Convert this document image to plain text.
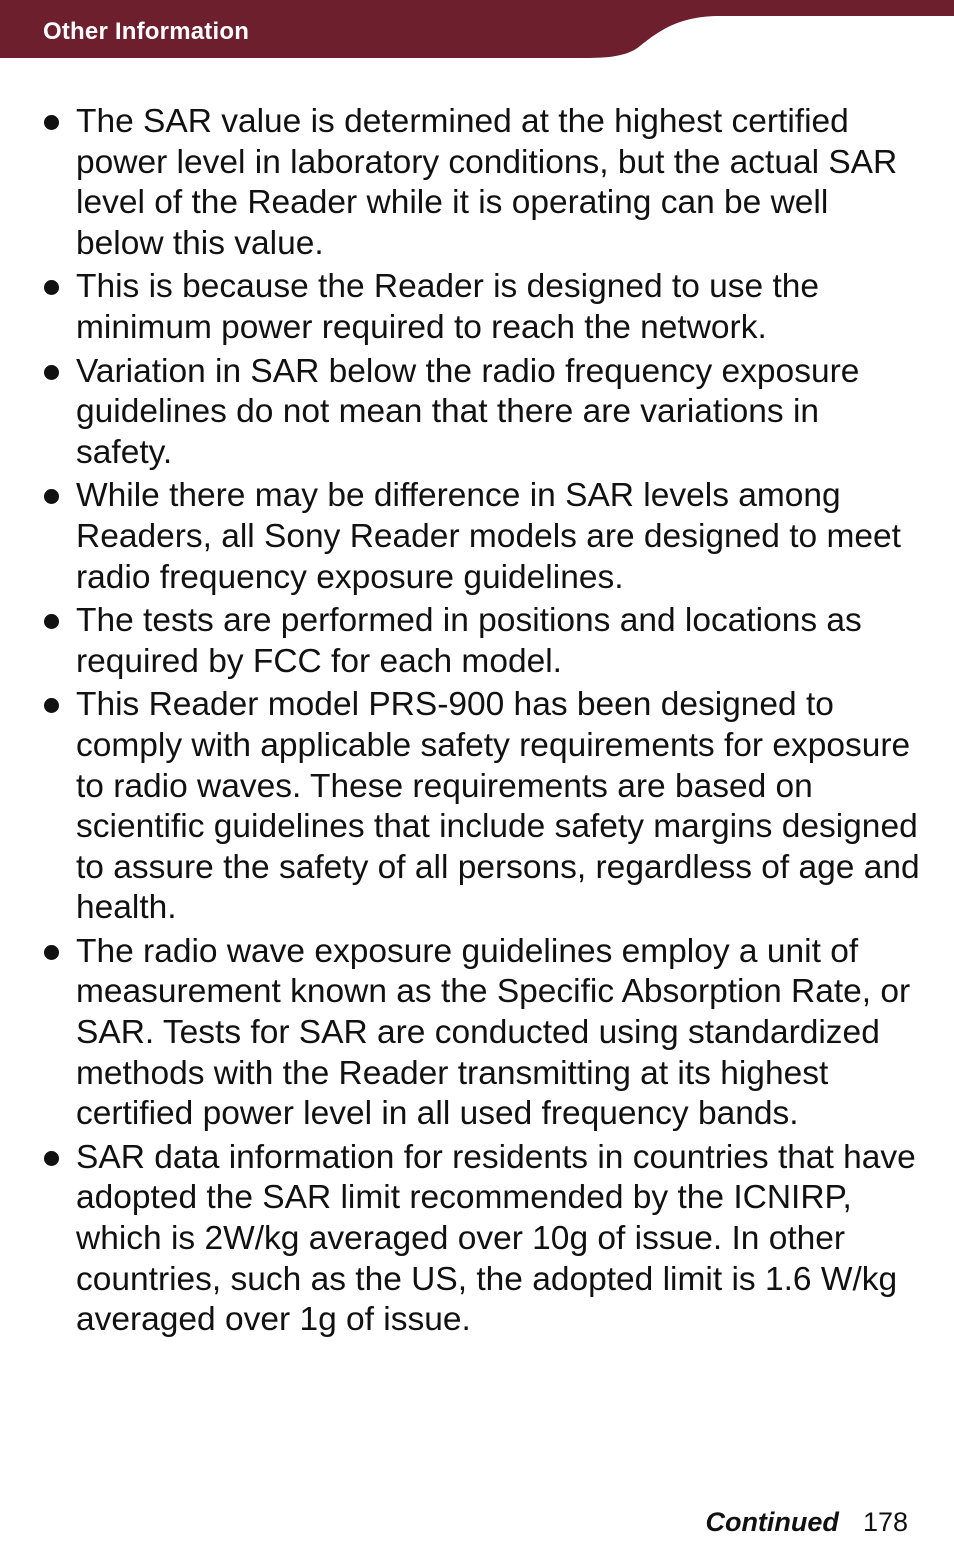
Other Information
The SAR value is determined at the highest certified power level in laboratory conditions, but the actual SAR level of the Reader while it is operating can be well below this value.
This is because the Reader is designed to use the minimum power required to reach the network.
Variation in SAR below the radio frequency exposure guidelines do not mean that there are variations in safety.
While there may be difference in SAR levels among Readers, all Sony Reader models are designed to meet radio frequency exposure guidelines.
The tests are performed in positions and locations as required by FCC for each model.
This Reader model PRS-900 has been designed to comply with applicable safety requirements for exposure to radio waves. These requirements are based on scientific guidelines that include safety margins designed to assure the safety of all persons, regardless of age and health.
The radio wave exposure guidelines employ a unit of measurement known as the Specific Absorption Rate, or SAR. Tests for SAR are conducted using standardized methods with the Reader transmitting at its highest certified power level in all used frequency bands.
SAR data information for residents in countries that have adopted the SAR limit recommended by the ICNIRP, which is 2W/kg averaged over 10g of issue. In other countries, such as the US, the adopted limit is 1.6 W/kg averaged over 1g of issue.
Continued 178
